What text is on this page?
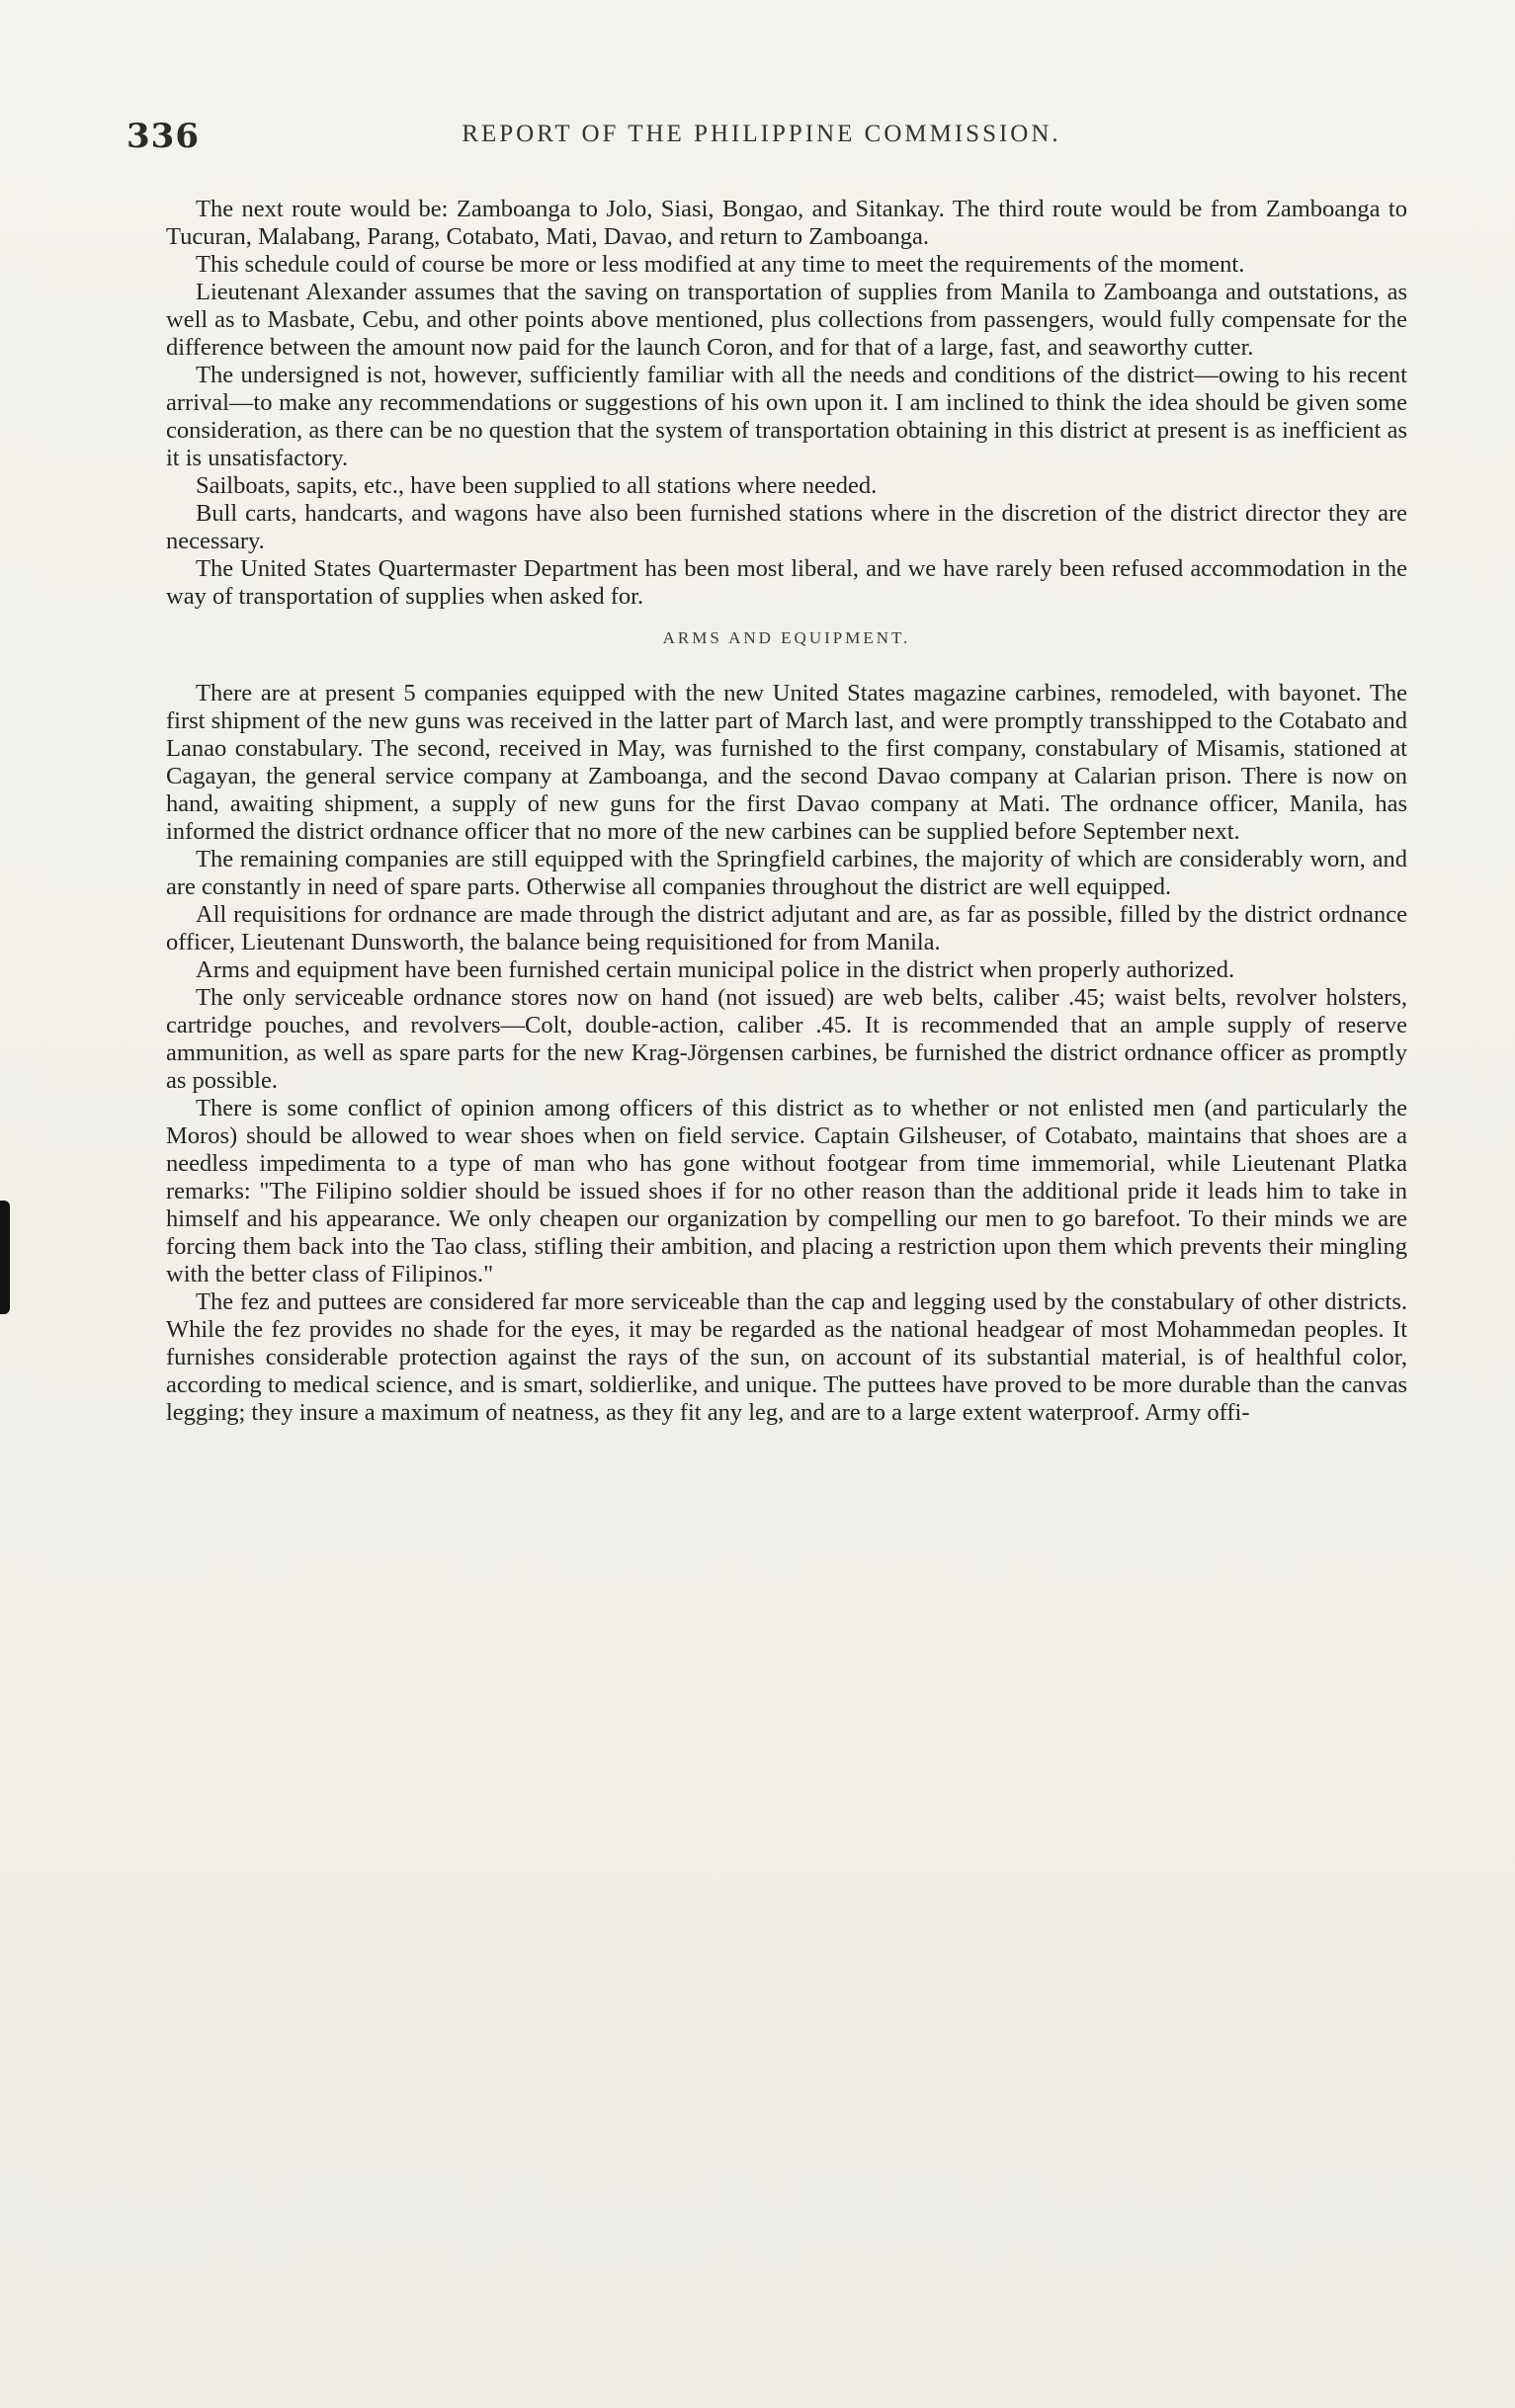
336	REPORT OF THE PHILIPPINE COMMISSION.

The next route would be: Zamboanga to Jolo, Siasi, Bongao, and Sitankay. The third route would be from Zamboanga to Tucuran, Malabang, Parang, Cotabato, Mati, Davao, and return to Zamboanga.

This schedule could of course be more or less modified at any time to meet the requirements of the moment.

Lieutenant Alexander assumes that the saving on transportation of supplies from Manila to Zamboanga and outstations, as well as to Masbate, Cebu, and other points above mentioned, plus collections from passengers, would fully compensate for the difference between the amount now paid for the launch Coron, and for that of a large, fast, and seaworthy cutter.

The undersigned is not, however, sufficiently familiar with all the needs and conditions of the district—owing to his recent arrival—to make any recommendations or suggestions of his own upon it. I am inclined to think the idea should be given some consideration, as there can be no question that the system of transportation obtaining in this district at present is as inefficient as it is unsatisfactory.

Sailboats, sapits, etc., have been supplied to all stations where needed.

Bull carts, handcarts, and wagons have also been furnished stations where in the discretion of the district director they are necessary.

The United States Quartermaster Department has been most liberal, and we have rarely been refused accommodation in the way of transportation of supplies when asked for.

ARMS AND EQUIPMENT.

There are at present 5 companies equipped with the new United States magazine carbines, remodeled, with bayonet. The first shipment of the new guns was received in the latter part of March last, and were promptly transshipped to the Cotabato and Lanao constabulary. The second, received in May, was furnished to the first company, constabulary of Misamis, stationed at Cagayan, the general service company at Zamboanga, and the second Davao company at Calarian prison. There is now on hand, awaiting shipment, a supply of new guns for the first Davao company at Mati. The ordnance officer, Manila, has informed the district ordnance officer that no more of the new carbines can be supplied before September next.

The remaining companies are still equipped with the Springfield carbines, the majority of which are considerably worn, and are constantly in need of spare parts. Otherwise all companies throughout the district are well equipped.

All requisitions for ordnance are made through the district adjutant and are, as far as possible, filled by the district ordnance officer, Lieutenant Dunsworth, the balance being requisitioned for from Manila.

Arms and equipment have been furnished certain municipal police in the district when properly authorized.

The only serviceable ordnance stores now on hand (not issued) are web belts, caliber .45; waist belts, revolver holsters, cartridge pouches, and revolvers—Colt, double-action, caliber .45. It is recommended that an ample supply of reserve ammunition, as well as spare parts for the new Krag-Jörgensen carbines, be furnished the district ordnance officer as promptly as possible.

There is some conflict of opinion among officers of this district as to whether or not enlisted men (and particularly the Moros) should be allowed to wear shoes when on field service. Captain Gilsheuser, of Cotabato, maintains that shoes are a needless impedimenta to a type of man who has gone without footgear from time immemorial, while Lieutenant Platka remarks: "The Filipino soldier should be issued shoes if for no other reason than the additional pride it leads him to take in himself and his appearance. We only cheapen our organization by compelling our men to go barefoot. To their minds we are forcing them back into the Tao class, stifling their ambition, and placing a restriction upon them which prevents their mingling with the better class of Filipinos."

The fez and puttees are considered far more serviceable than the cap and legging used by the constabulary of other districts. While the fez provides no shade for the eyes, it may be regarded as the national headgear of most Mohammedan peoples. It furnishes considerable protection against the rays of the sun, on account of its substantial material, is of healthful color, according to medical science, and is smart, soldierlike, and unique. The puttees have proved to be more durable than the canvas legging; they insure a maximum of neatness, as they fit any leg, and are to a large extent waterproof. Army offi-
